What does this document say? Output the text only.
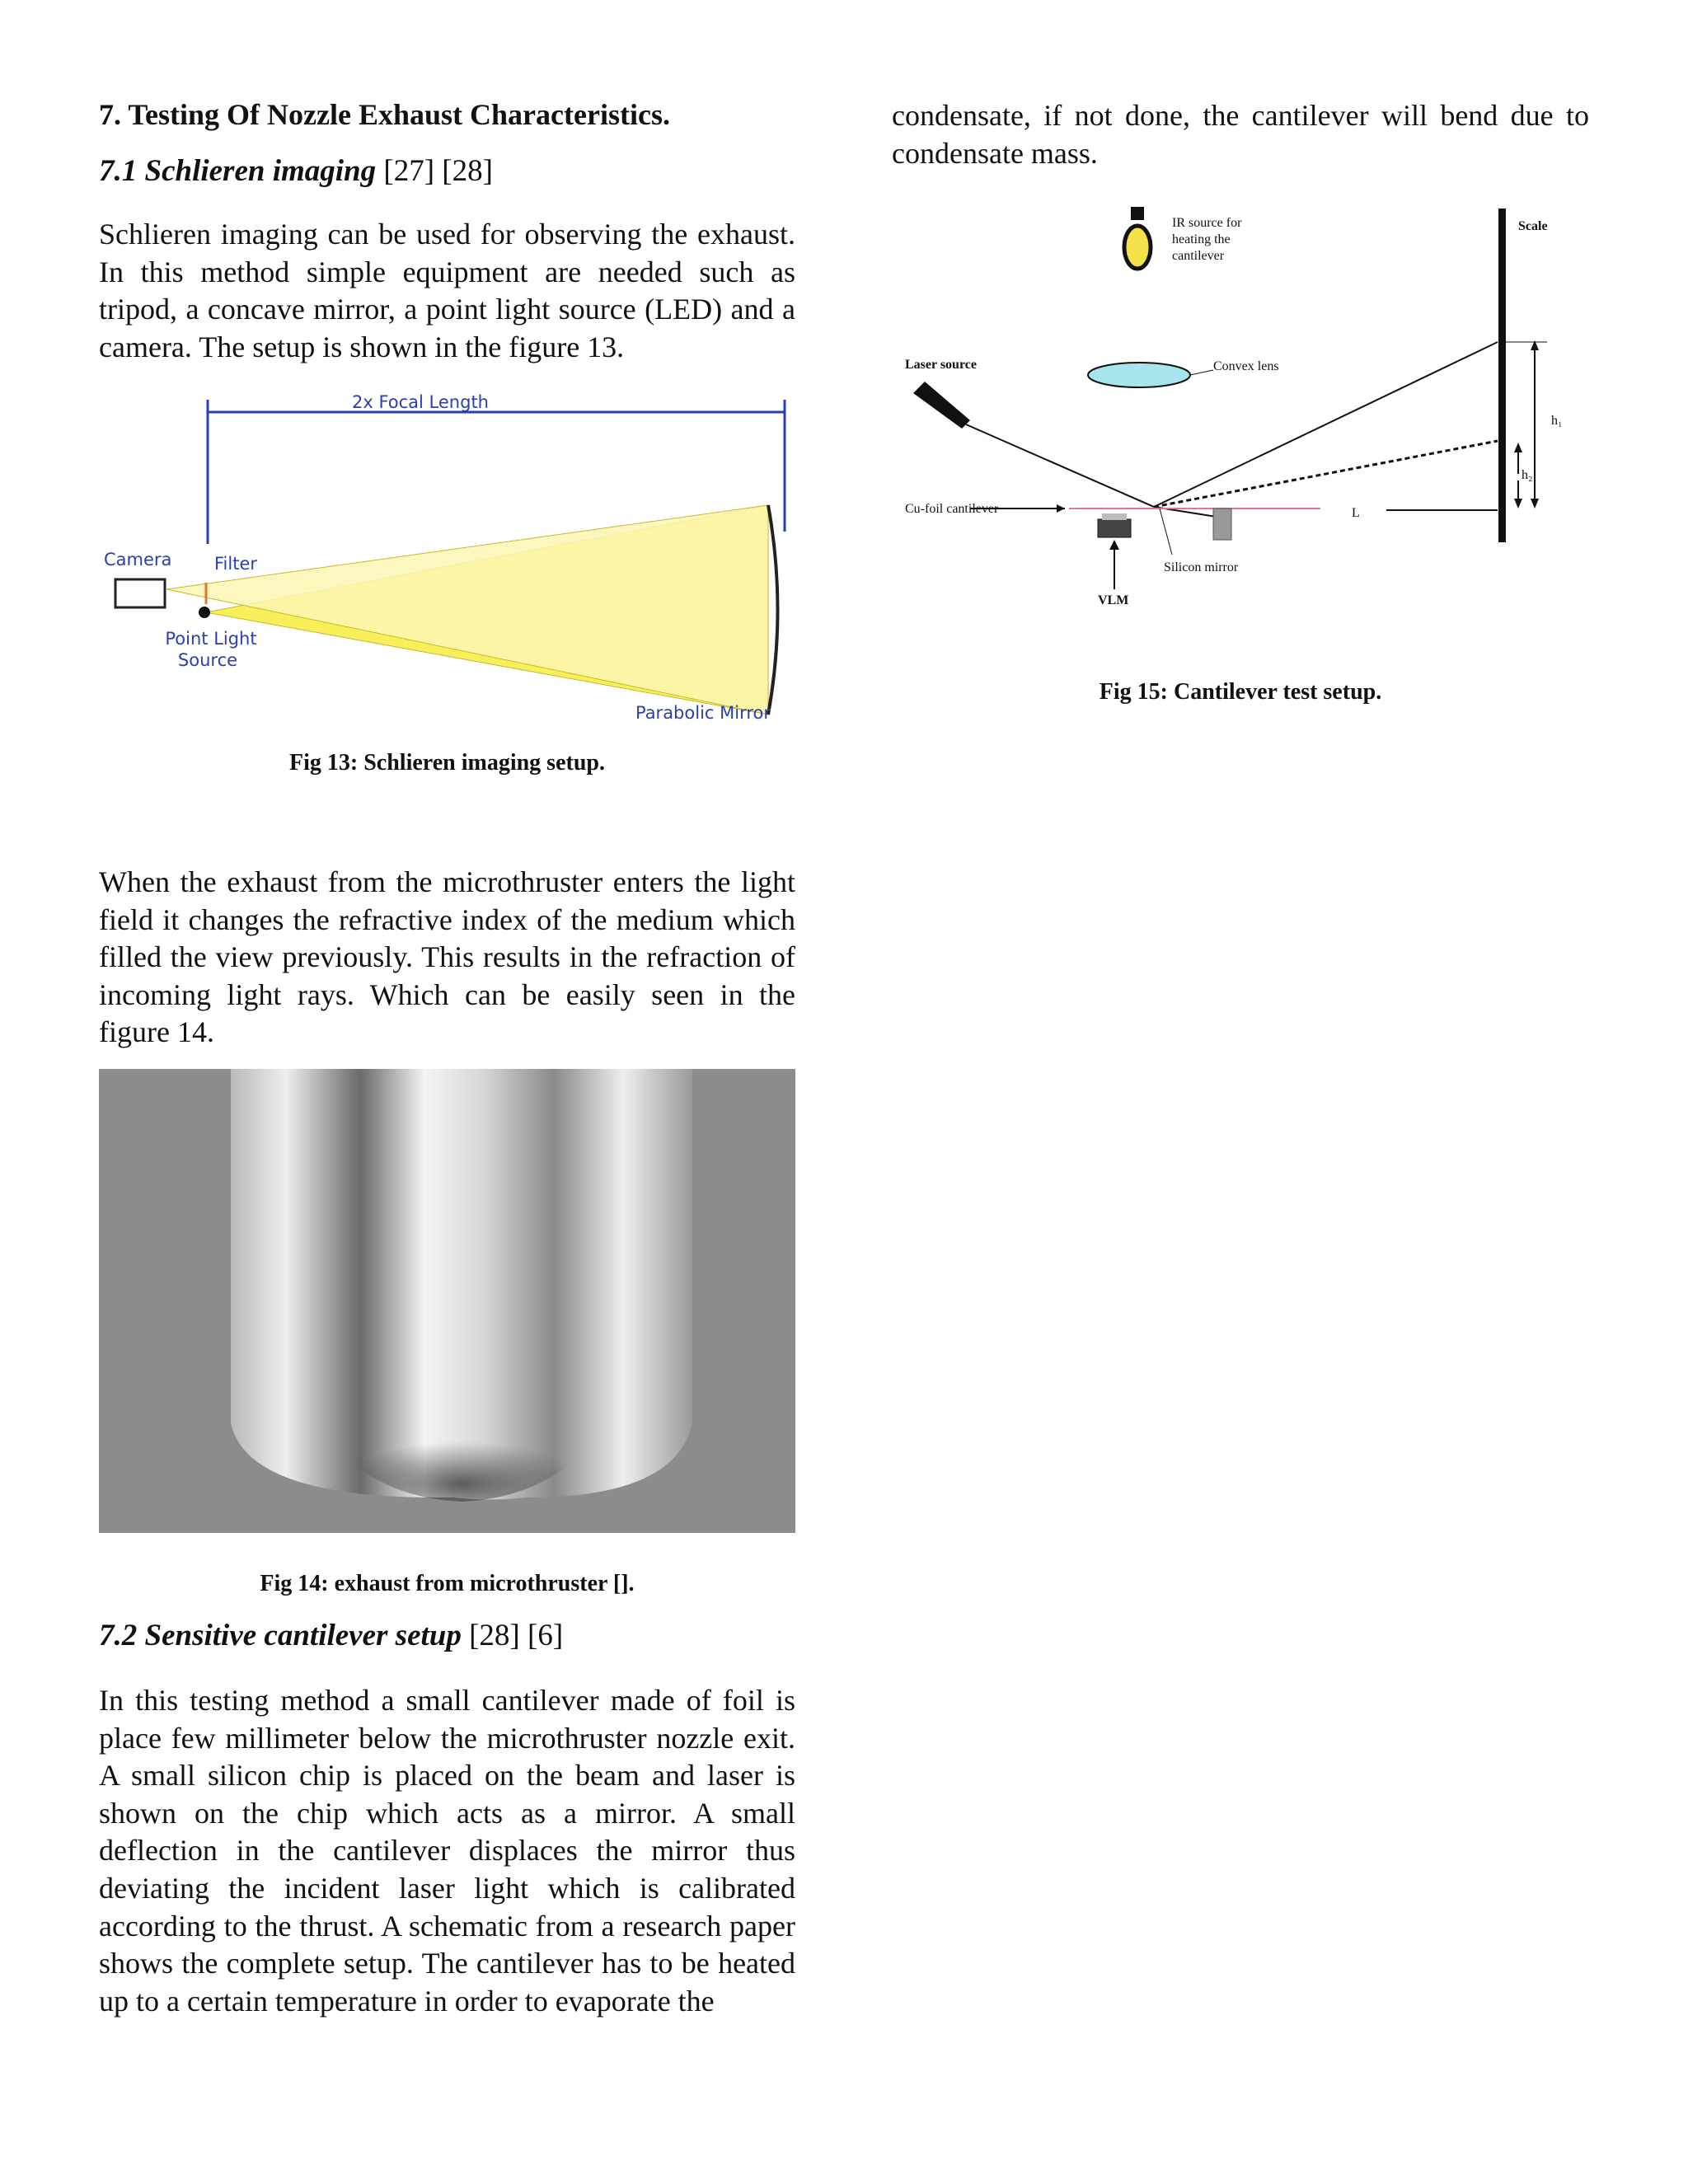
7. Testing Of Nozzle Exhaust Characteristics.
7.1 Schlieren imaging [27] [28]

Schlieren imaging can be used for observing the exhaust. In this method simple equipment are needed such as tripod, a concave mirror, a point light source (LED) and a camera. The setup is shown in the figure 13.

2x Focal Length
Camera Filter
Point Light
Source
Parabolic Mirror
Fig 13: Schlieren imaging setup.

When the exhaust from the microthruster enters the light field it changes the refractive index of the medium which filled the view previously. This results in the refraction of incoming light rays. Which can be easily seen in the figure 14.

Fig 14: exhaust from microthruster [].
7.2 Sensitive cantilever setup [28] [6]

In this testing method a small cantilever made of foil is place few millimeter below the microthruster nozzle exit. A small silicon chip is placed on the beam and laser is shown on the chip which acts as a mirror. A small deflection in the cantilever displaces the mirror thus deviating the incident laser light which is calibrated according to the thrust. A schematic from a research paper shows the complete setup. The cantilever has to be heated up to a certain temperature in order to evaporate the

condensate, if not done, the cantilever will bend due to condensate mass.

IR source for
heating the
cantilever
Scale
Convex lens
Laser source
Cu-foil cantilever	L
VLM
Silicon mirror
h₁
h₂
Fig 15: Cantilever test setup.
